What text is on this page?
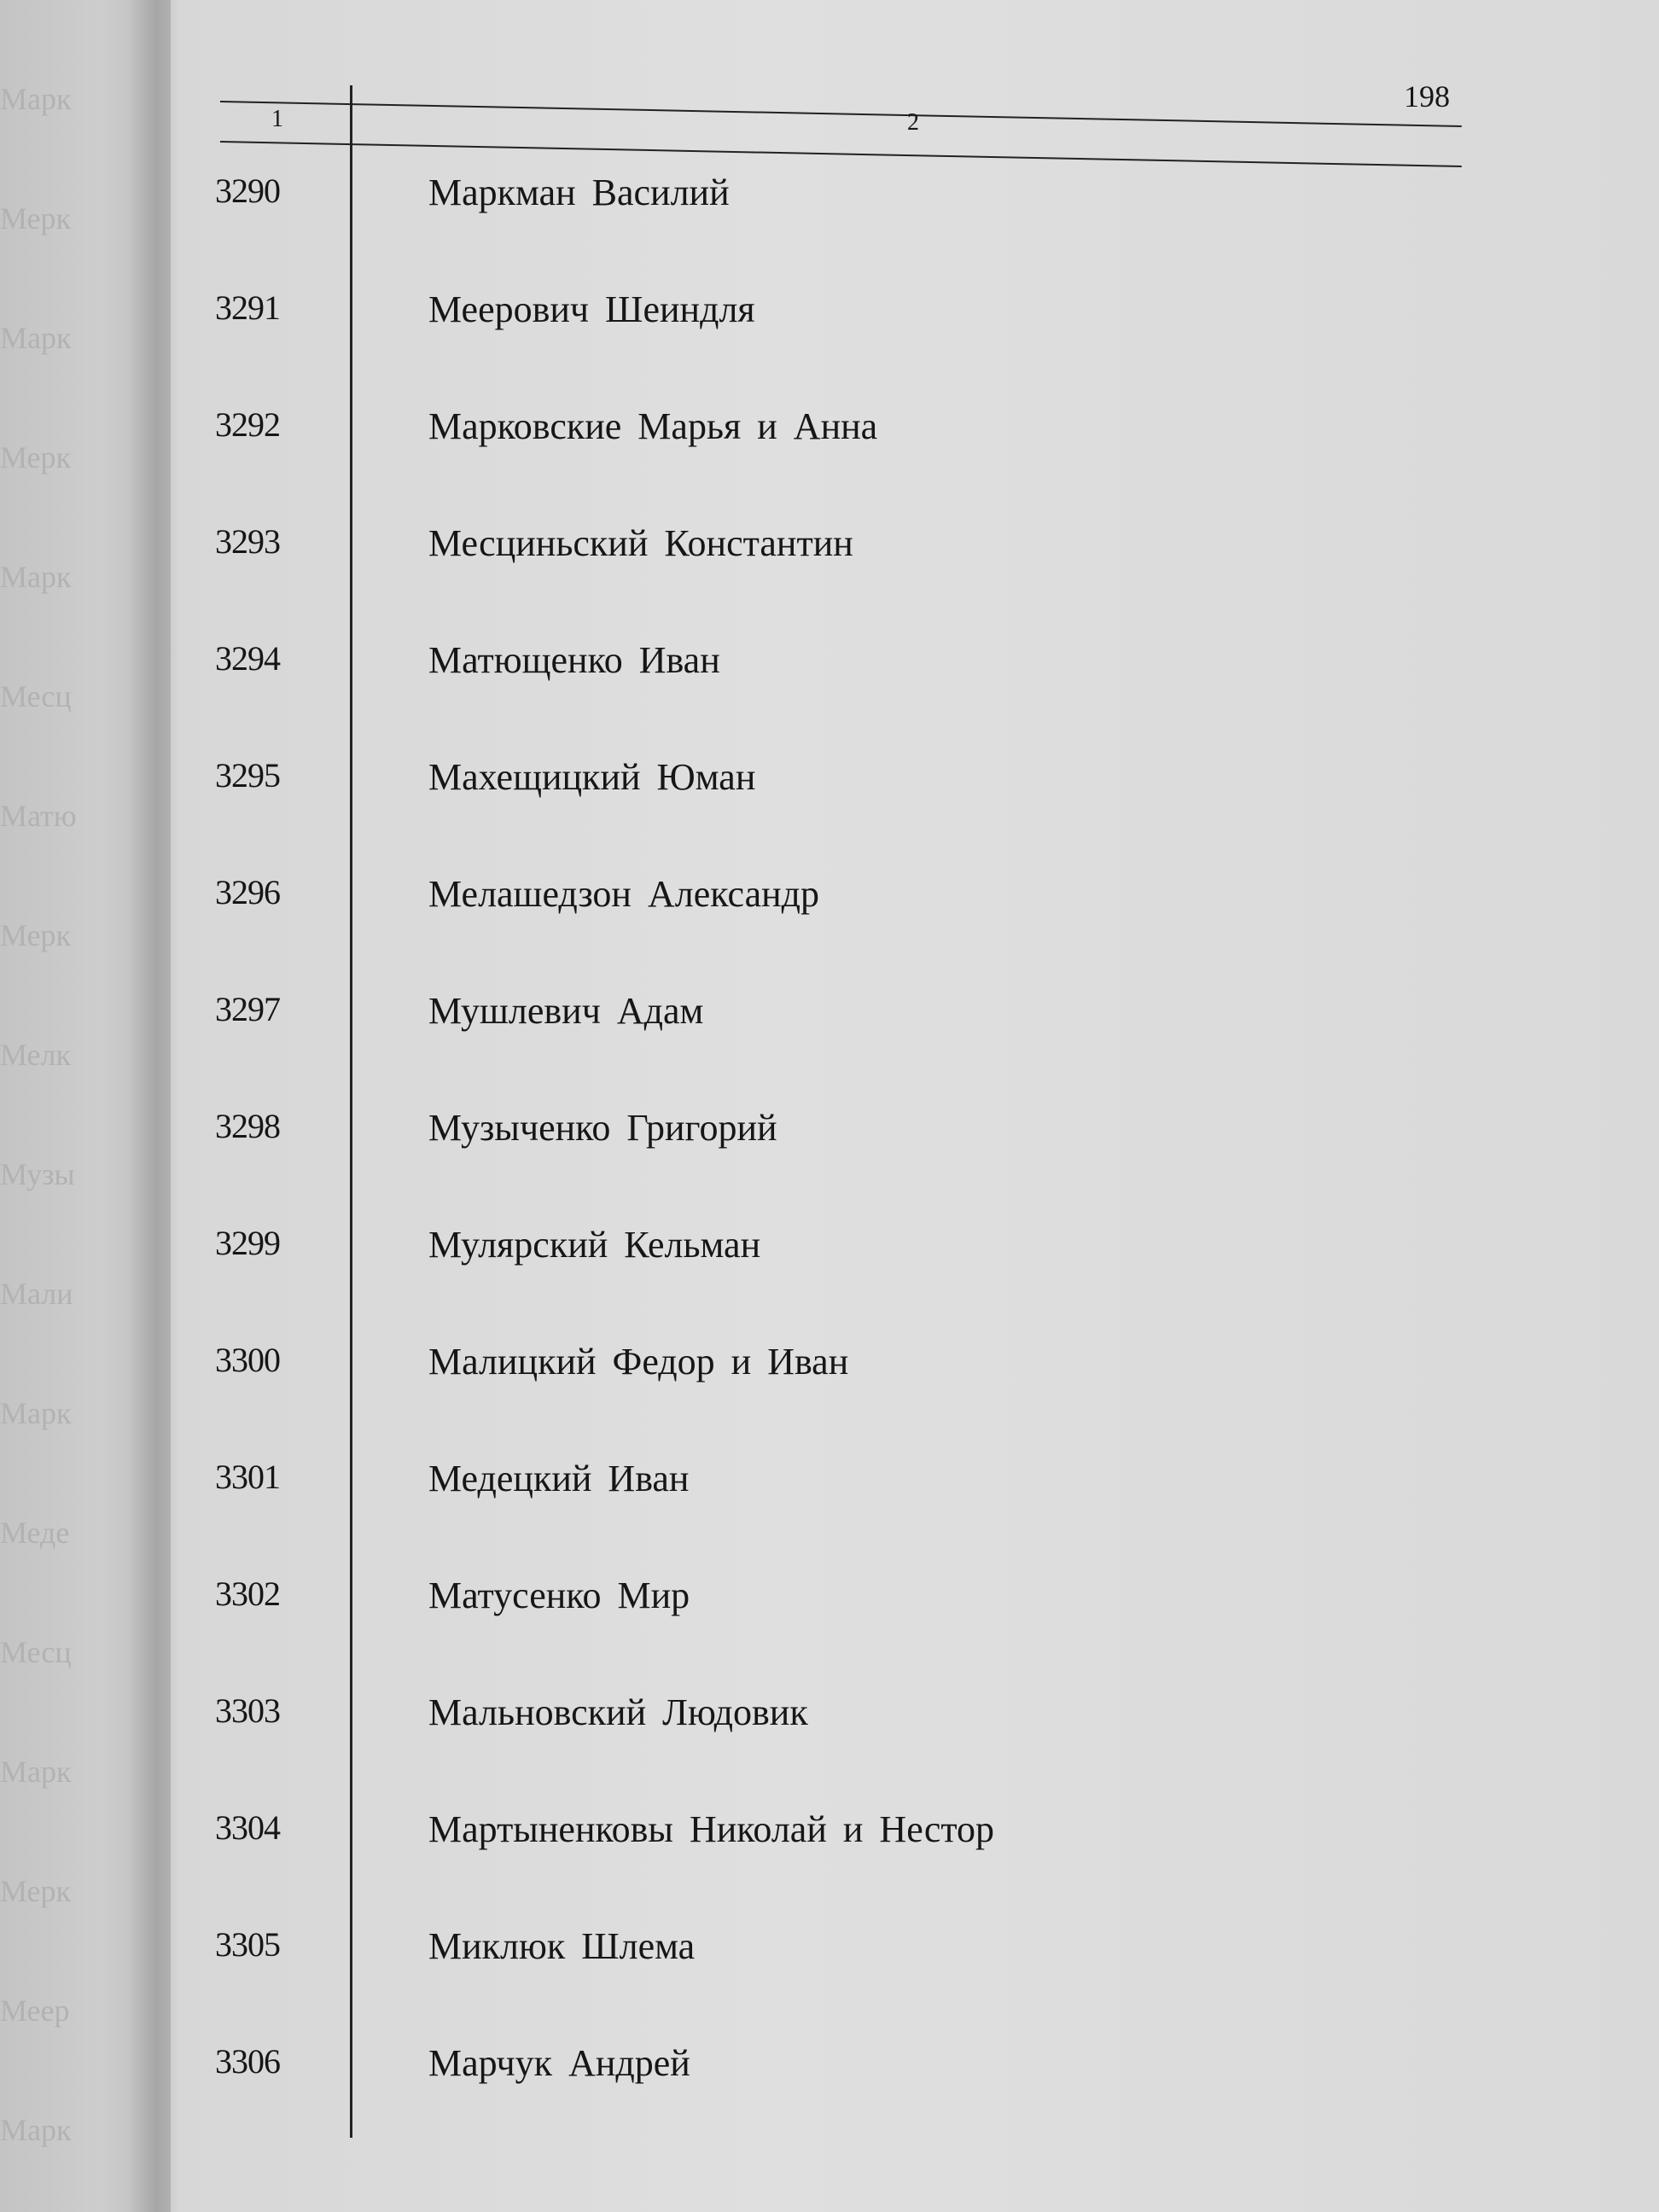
Марк
Мерк
Марк
Мерк
Марк
Месц
Матю
Мерк
Мелк
Музы
Мали
Марк
Меде
Месц
Марк
Мерк
Меер
Марк
198
1	2
3290	Маркман Василий
3291	Меерович Шеиндля
3292	Марковские Марья и Анна
3293	Месциньский Константин
3294	Матющенко Иван
3295	Махещицкий Юман
3296	Мелашедзон Александр
3297	Мушлевич Адам
3298	Музыченко Григорий
3299	Мулярский Кельман
3300	Малицкий Федор и Иван
3301	Медецкий Иван
3302	Матусенко Мир
3303	Мальновский Людовик
3304	Мартыненковы Николай и Нестор
3305	Миклюк Шлема
3306	Марчук Андрей
